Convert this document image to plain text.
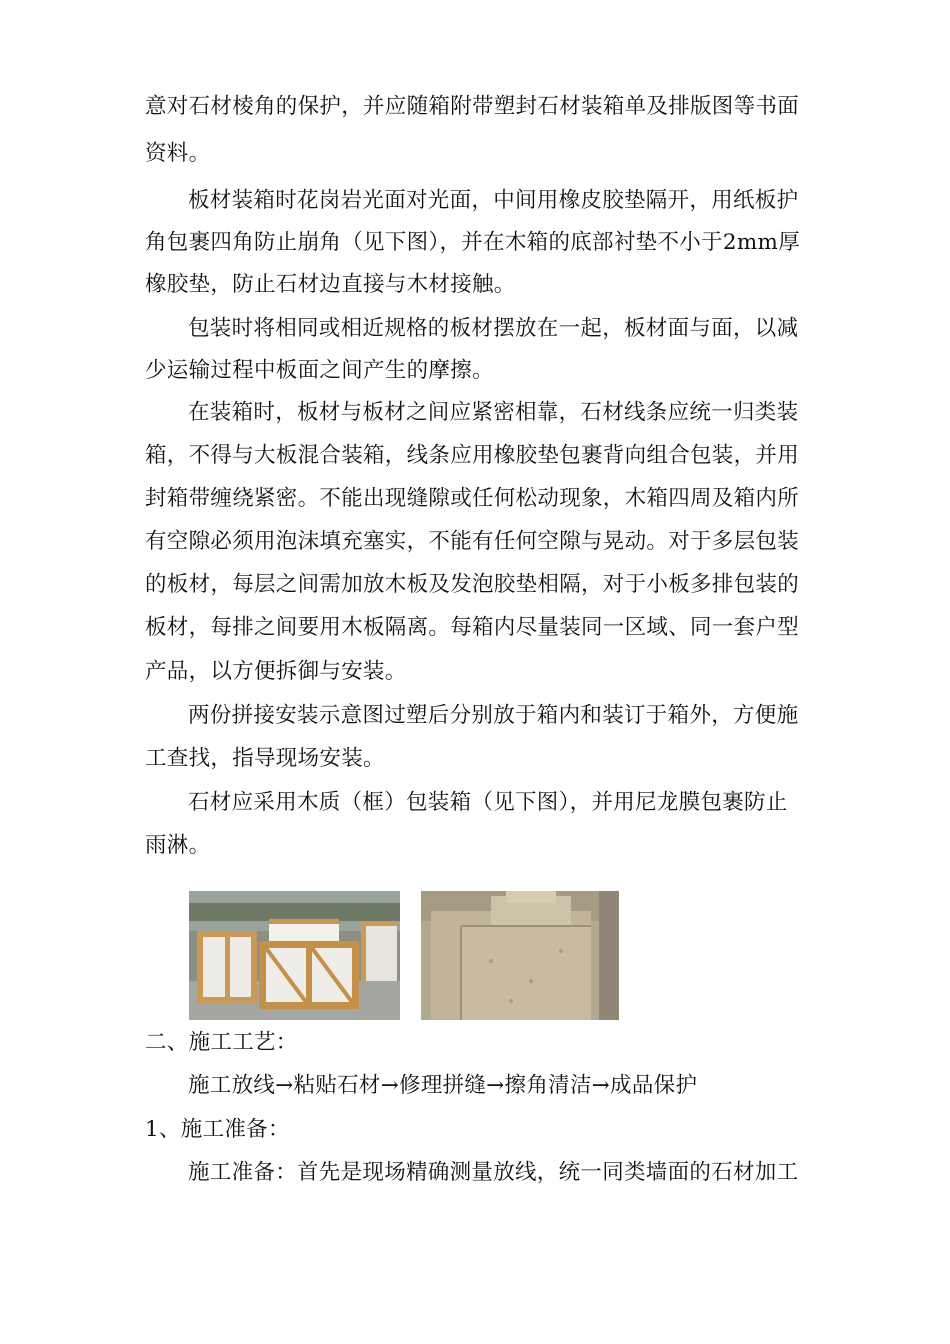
意对石材棱角的保护，并应随箱附带塑封石材装箱单及排版图等书面
资料。
板材装箱时花岗岩光面对光面，中间用橡皮胶垫隔开，用纸板护
角包裹四角防止崩角（见下图），并在木箱的底部衬垫不小于2mm厚
橡胶垫，防止石材边直接与木材接触。
包装时将相同或相近规格的板材摆放在一起，板材面与面，以减
少运输过程中板面之间产生的摩擦。
在装箱时，板材与板材之间应紧密相靠，石材线条应统一归类装
箱，不得与大板混合装箱，线条应用橡胶垫包裹背向组合包装，并用
封箱带缠绕紧密。不能出现缝隙或任何松动现象，木箱四周及箱内所
有空隙必须用泡沫填充塞实，不能有任何空隙与晃动。对于多层包装
的板材，每层之间需加放木板及发泡胶垫相隔，对于小板多排包装的
板材，每排之间要用木板隔离。每箱内尽量装同一区域、同一套户型
产品，以方便拆御与安装。
两份拼接安装示意图过塑后分别放于箱内和装订于箱外，方便施
工查找，指导现场安装。
石材应采用木质（框）包装箱（见下图），并用尼龙膜包裹防止
雨淋。
二、施工工艺：
施工放线→粘贴石材→修理拼缝→擦角清洁→成品保护
1、施工准备：
施工准备：首先是现场精确测量放线，统一同类墙面的石材加工
